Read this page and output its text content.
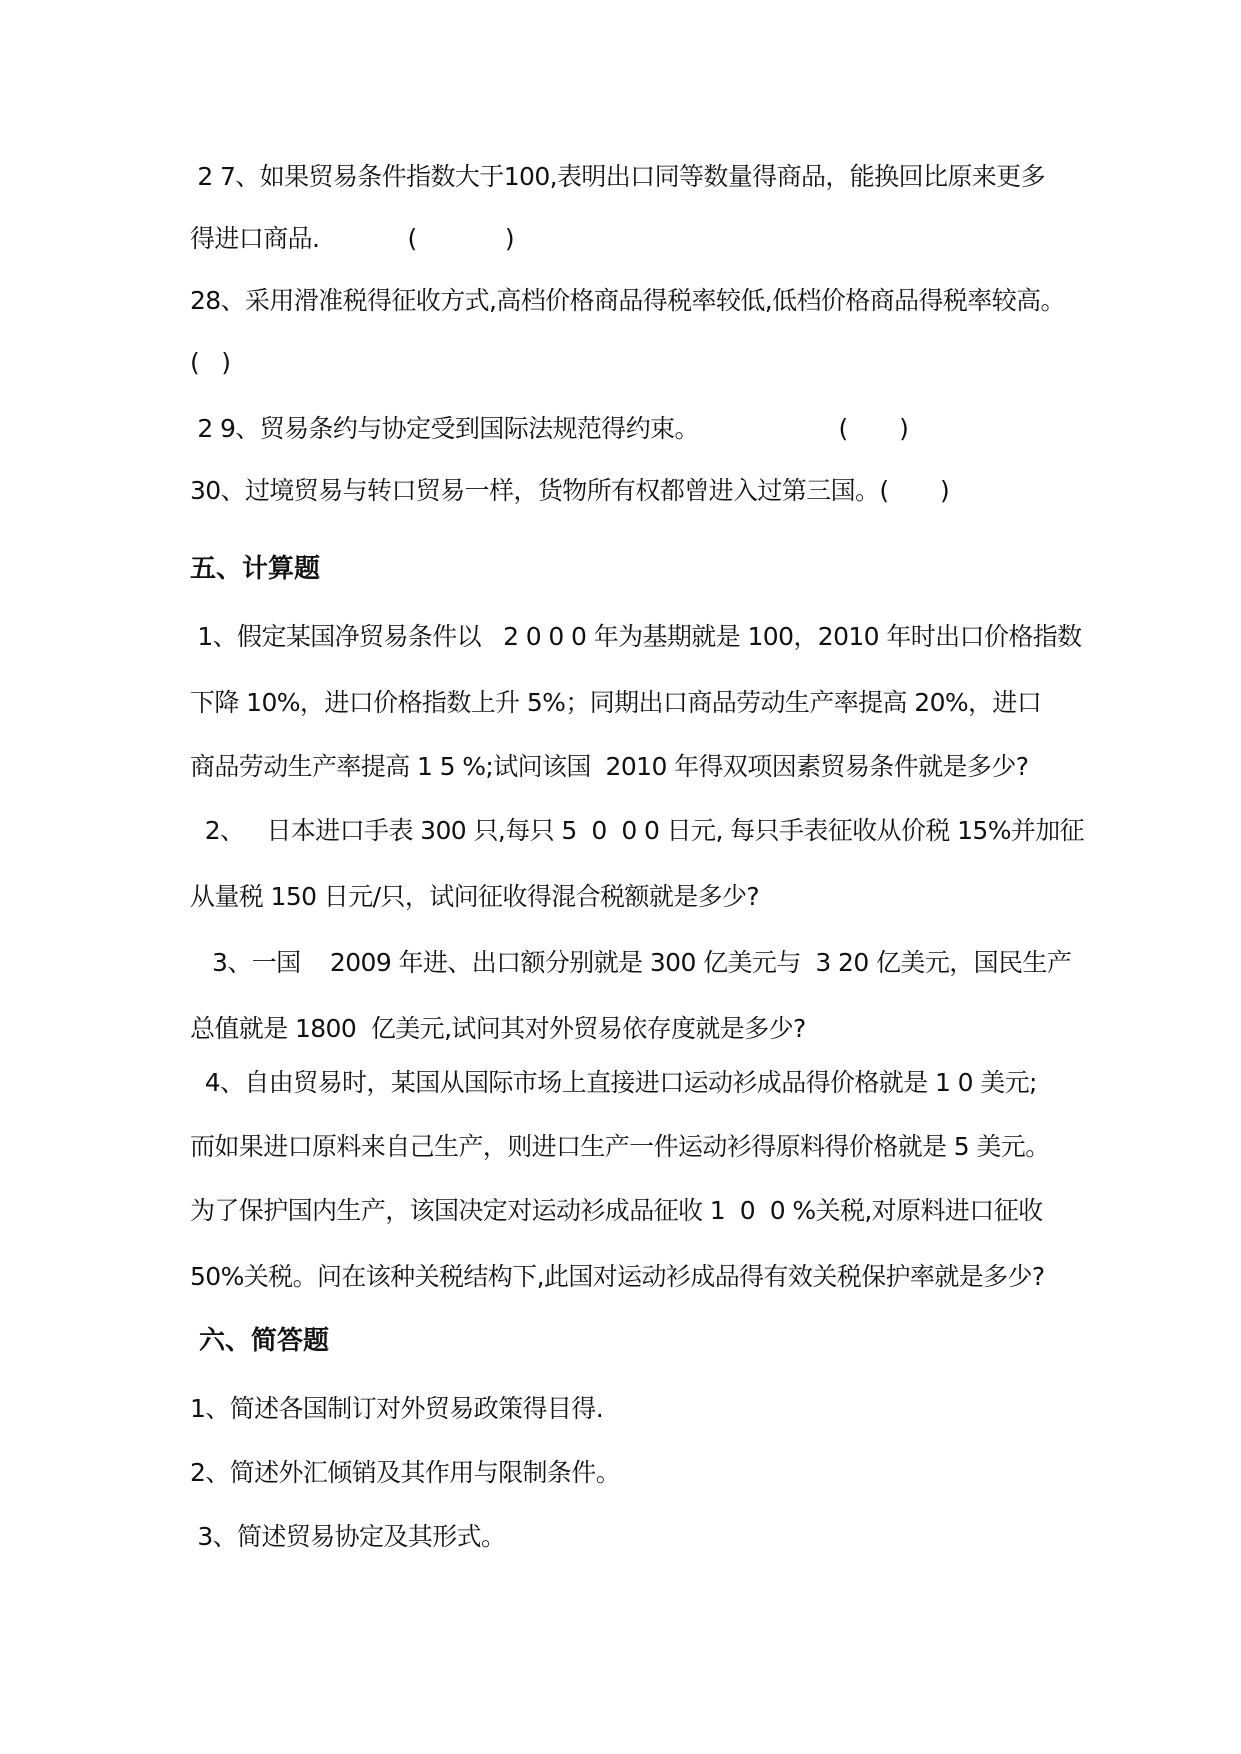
2 7、如果贸易条件指数大于100,表明出口同等数量得商品，能换回比原来更多
得进口商品.            (            )
28、采用滑准税得征收方式,高档价格商品得税率较低,低档价格商品得税率较高。
(   )
2 9、贸易条约与协定受到国际法规范得约束。                   (       )
30、过境贸易与转口贸易一样，货物所有权都曾进入过第三国。(       )
五、计算题
1、假定某国净贸易条件以   2 0 0 0 年为基期就是 100，2010 年时出口价格指数
下降 10%，进口价格指数上升 5%；同期出口商品劳动生产率提高 20%，进口
商品劳动生产率提高 1 5 %;试问该国  2010 年得双项因素贸易条件就是多少?
2、   日本进口手表 300 只,每只 5  0  0 0 日元, 每只手表征收从价税 15%并加征
从量税 150 日元/只，试问征收得混合税额就是多少?
3、一国    2009 年进、出口额分别就是 300 亿美元与  3 20 亿美元，国民生产
总值就是 1800  亿美元,试问其对外贸易依存度就是多少?
4、自由贸易时，某国从国际市场上直接进口运动衫成品得价格就是 1 0 美元;
而如果进口原料来自己生产，则进口生产一件运动衫得原料得价格就是 5 美元。
为了保护国内生产，该国决定对运动衫成品征收 1  0  0 %关税,对原料进口征收
50%关税。问在该种关税结构下,此国对运动衫成品得有效关税保护率就是多少?
六、简答题
1、简述各国制订对外贸易政策得目得.
2、简述外汇倾销及其作用与限制条件。
3、简述贸易协定及其形式。
